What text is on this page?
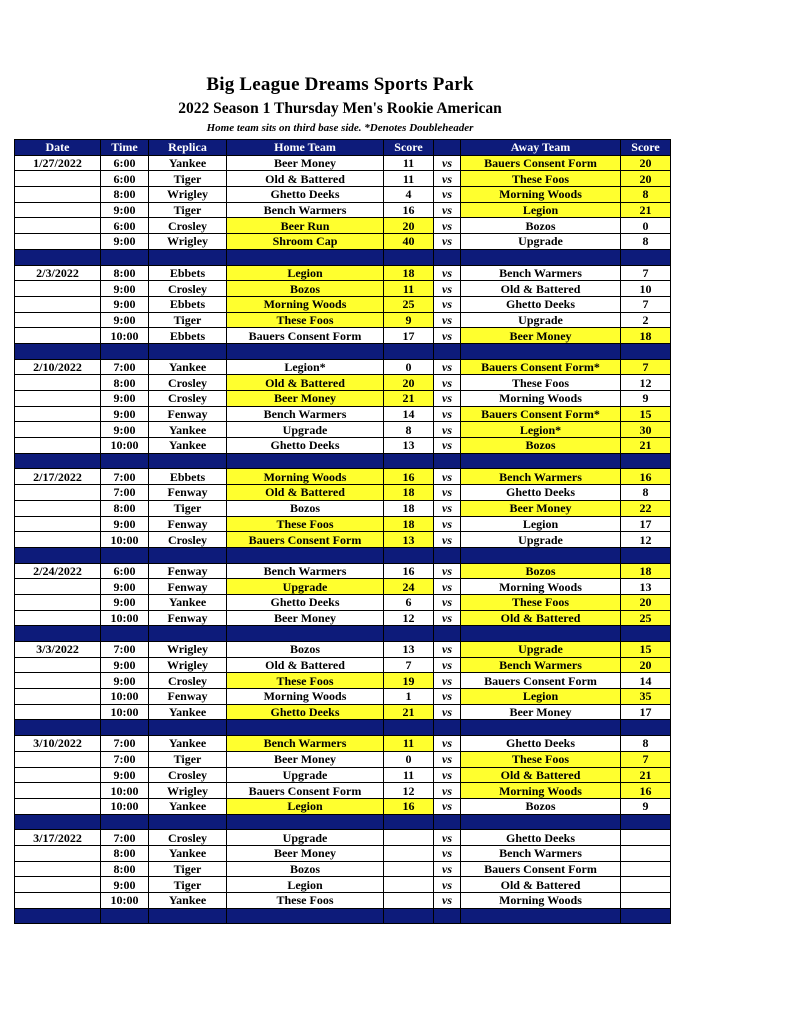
Big League Dreams Sports Park
2022 Season 1 Thursday Men's Rookie American
Home team sits on third base side. *Denotes Doubleheader
Date	Time	Replica	Home Team	Score		Away Team	Score
1/27/2022	6:00	Yankee	Beer Money	11	vs	Bauers Consent Form	20
	6:00	Tiger	Old & Battered	11	vs	These Foos	20
	8:00	Wrigley	Ghetto Deeks	4	vs	Morning Woods	8
	9:00	Tiger	Bench Warmers	16	vs	Legion	21
	6:00	Crosley	Beer Run	20	vs	Bozos	0
	9:00	Wrigley	Shroom Cap	40	vs	Upgrade	8

2/3/2022	8:00	Ebbets	Legion	18	vs	Bench Warmers	7
	9:00	Crosley	Bozos	11	vs	Old & Battered	10
	9:00	Ebbets	Morning Woods	25	vs	Ghetto Deeks	7
	9:00	Tiger	These Foos	9	vs	Upgrade	2
	10:00	Ebbets	Bauers Consent Form	17	vs	Beer Money	18

2/10/2022	7:00	Yankee	Legion*	0	vs	Bauers Consent Form*	7
	8:00	Crosley	Old & Battered	20	vs	These Foos	12
	9:00	Crosley	Beer Money	21	vs	Morning Woods	9
	9:00	Fenway	Bench Warmers	14	vs	Bauers Consent Form*	15
	9:00	Yankee	Upgrade	8	vs	Legion*	30
	10:00	Yankee	Ghetto Deeks	13	vs	Bozos	21

2/17/2022	7:00	Ebbets	Morning Woods	16	vs	Bench Warmers	16
	7:00	Fenway	Old & Battered	18	vs	Ghetto Deeks	8
	8:00	Tiger	Bozos	18	vs	Beer Money	22
	9:00	Fenway	These Foos	18	vs	Legion	17
	10:00	Crosley	Bauers Consent Form	13	vs	Upgrade	12

2/24/2022	6:00	Fenway	Bench Warmers	16	vs	Bozos	18
	9:00	Fenway	Upgrade	24	vs	Morning Woods	13
	9:00	Yankee	Ghetto Deeks	6	vs	These Foos	20
	10:00	Fenway	Beer Money	12	vs	Old & Battered	25

3/3/2022	7:00	Wrigley	Bozos	13	vs	Upgrade	15
	9:00	Wrigley	Old & Battered	7	vs	Bench Warmers	20
	9:00	Crosley	These Foos	19	vs	Bauers Consent Form	14
	10:00	Fenway	Morning Woods	1	vs	Legion	35
	10:00	Yankee	Ghetto Deeks	21	vs	Beer Money	17

3/10/2022	7:00	Yankee	Bench Warmers	11	vs	Ghetto Deeks	8
	7:00	Tiger	Beer Money	0	vs	These Foos	7
	9:00	Crosley	Upgrade	11	vs	Old & Battered	21
	10:00	Wrigley	Bauers Consent Form	12	vs	Morning Woods	16
	10:00	Yankee	Legion	16	vs	Bozos	9

3/17/2022	7:00	Crosley	Upgrade		vs	Ghetto Deeks	
	8:00	Yankee	Beer Money		vs	Bench Warmers	
	8:00	Tiger	Bozos		vs	Bauers Consent Form	
	9:00	Tiger	Legion		vs	Old & Battered	
	10:00	Yankee	These Foos		vs	Morning Woods	
